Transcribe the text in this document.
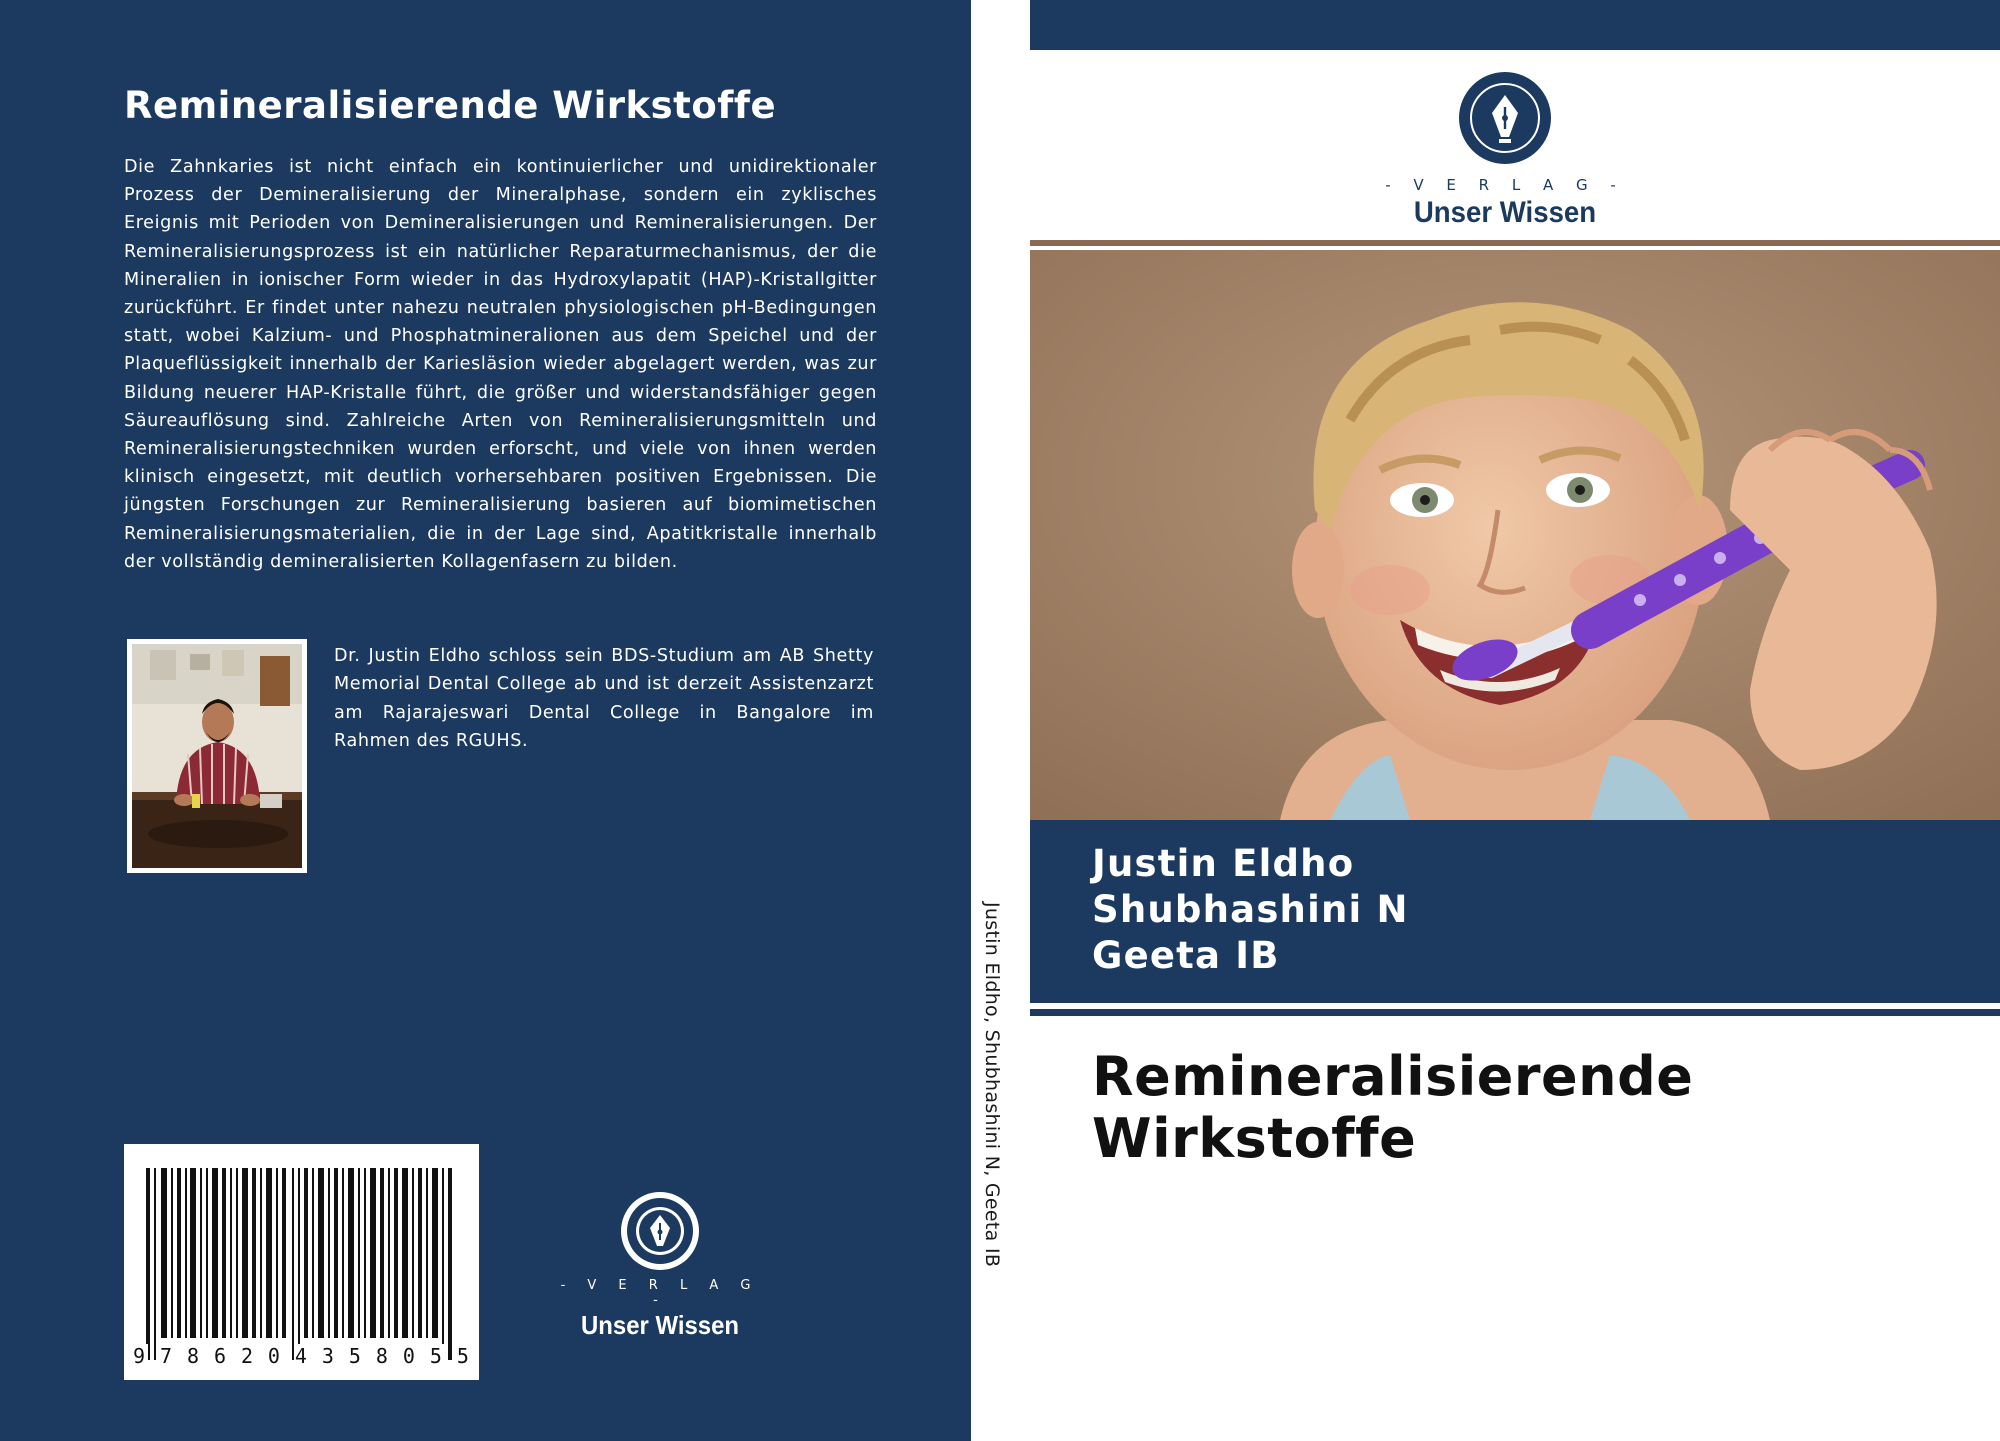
Remineralisierende Wirkstoffe

Die Zahnkaries ist nicht einfach ein kontinuierlicher und unidirektionaler Prozess der Demineralisierung der Mineralphase, sondern ein zyklisches Ereignis mit Perioden von Demineralisierungen und Remineralisierungen. Der Remineralisierungsprozess ist ein natürlicher Reparaturmechanismus, der die Mineralien in ionischer Form wieder in das Hydroxylapatit (HAP)-Kristallgitter zurückführt. Er findet unter nahezu neutralen physiologischen pH-Bedingungen statt, wobei Kalzium- und Phosphatmineralionen aus dem Speichel und der Plaqueflüssigkeit innerhalb der Kariesläsion wieder abgelagert werden, was zur Bildung neuerer HAP-Kristalle führt, die größer und widerstandsfähiger gegen Säureauflösung sind. Zahlreiche Arten von Remineralisierungsmitteln und Remineralisierungstechniken wurden erforscht, und viele von ihnen werden klinisch eingesetzt, mit deutlich vorhersehbaren positiven Ergebnissen. Die jüngsten Forschungen zur Remineralisierung basieren auf biomimetischen Remineralisierungsmaterialien, die in der Lage sind, Apatitkristalle innerhalb der vollständig demineralisierten Kollagenfasern zu bilden.

Dr. Justin Eldho schloss sein BDS-Studium am AB Shetty Memorial Dental College ab und ist derzeit Assistenzarzt am Rajarajeswari Dental College in Bangalore im Rahmen des RGUHS.

9 7 8 6 2 0 4 3 5 8 0 5 5
- V E R L A G -
Unser Wissen
Justin Eldho, Shubhashini N, Geeta IB
- V E R L A G -
Unser Wissen
Justin Eldho
Shubhashini N
Geeta IB
Remineralisierende
Wirkstoffe
